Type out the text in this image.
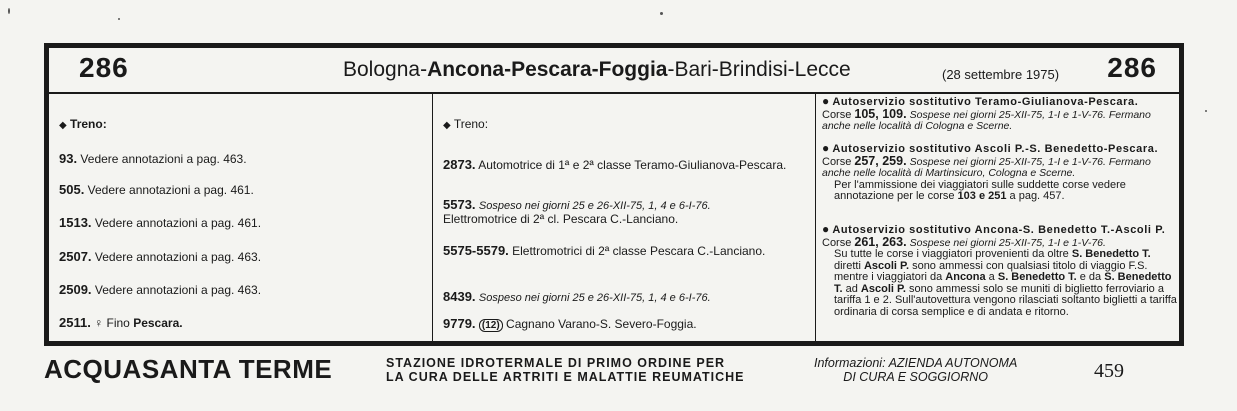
286	Bologna-Ancona-Pescara-Foggia-Bari-Brindisi-Lecce	(28 settembre 1975) 286
◆ Treno:
93. Vedere annotazioni a pag. 463.
505. Vedere annotazioni a pag. 461.
1513. Vedere annotazioni a pag. 461.
2507. Vedere annotazioni a pag. 463.
2509. Vedere annotazioni a pag. 463.
2511. ♀ Fino Pescara.
◆ Treno:
2873. Automotrice di 1ª e 2ª classe Teramo-Giulianova-Pescara.
5573. Sospeso nei giorni 25 e 26-XII-75, 1, 4 e 6-I-76.
Elettromotrice di 2ª cl. Pescara C.-Lanciano.
5575-5579. Elettromotrici di 2ª classe Pescara C.-Lanciano.
8439. Sospeso nei giorni 25 e 26-XII-75, 1, 4 e 6-I-76.
9779. (12) Cagnano Varano-S. Severo-Foggia.
● Autoservizio sostitutivo Teramo-Giulianova-Pescara.
Corse 105, 109. Sospese nei giorni 25-XII-75, 1-I e 1-V-76. Fermano anche nelle località di Cologna e Scerne.
● Autoservizio sostitutivo Ascoli P.-S. Benedetto-Pescara.
Corse 257, 259. Sospese nei giorni 25-XII-75, 1-I e 1-V-76. Fermano anche nelle località di Martinsicuro, Cologna e Scerne.
Per l'ammissione dei viaggiatori sulle suddette corse vedere annotazione per le corse 103 e 251 a pag. 457.
● Autoservizio sostitutivo Ancona-S. Benedetto T.-Ascoli P.
Corse 261, 263. Sospese nei giorni 25-XII-75, 1-I e 1-V-76.
Su tutte le corse i viaggiatori provenienti da oltre S. Benedetto T. diretti Ascoli P. sono ammessi con qualsiasi titolo di viaggio F.S. mentre i viaggiatori da Ancona a S. Benedetto T. e da S. Benedetto T. ad Ascoli P. sono ammessi solo se muniti di biglietto ferroviario a tariffa 1 e 2. Sull'autovettura vengono rilasciati soltanto biglietti a tariffa ordinaria di corsa semplice e di andata e ritorno.
ACQUASANTA TERME	STAZIONE IDROTERMALE DI PRIMO ORDINE PER
LA CURA DELLE ARTRITI E MALATTIE REUMATICHE
Informazioni: AZIENDA AUTONOMA
DI CURA E SOGGIORNO	459
